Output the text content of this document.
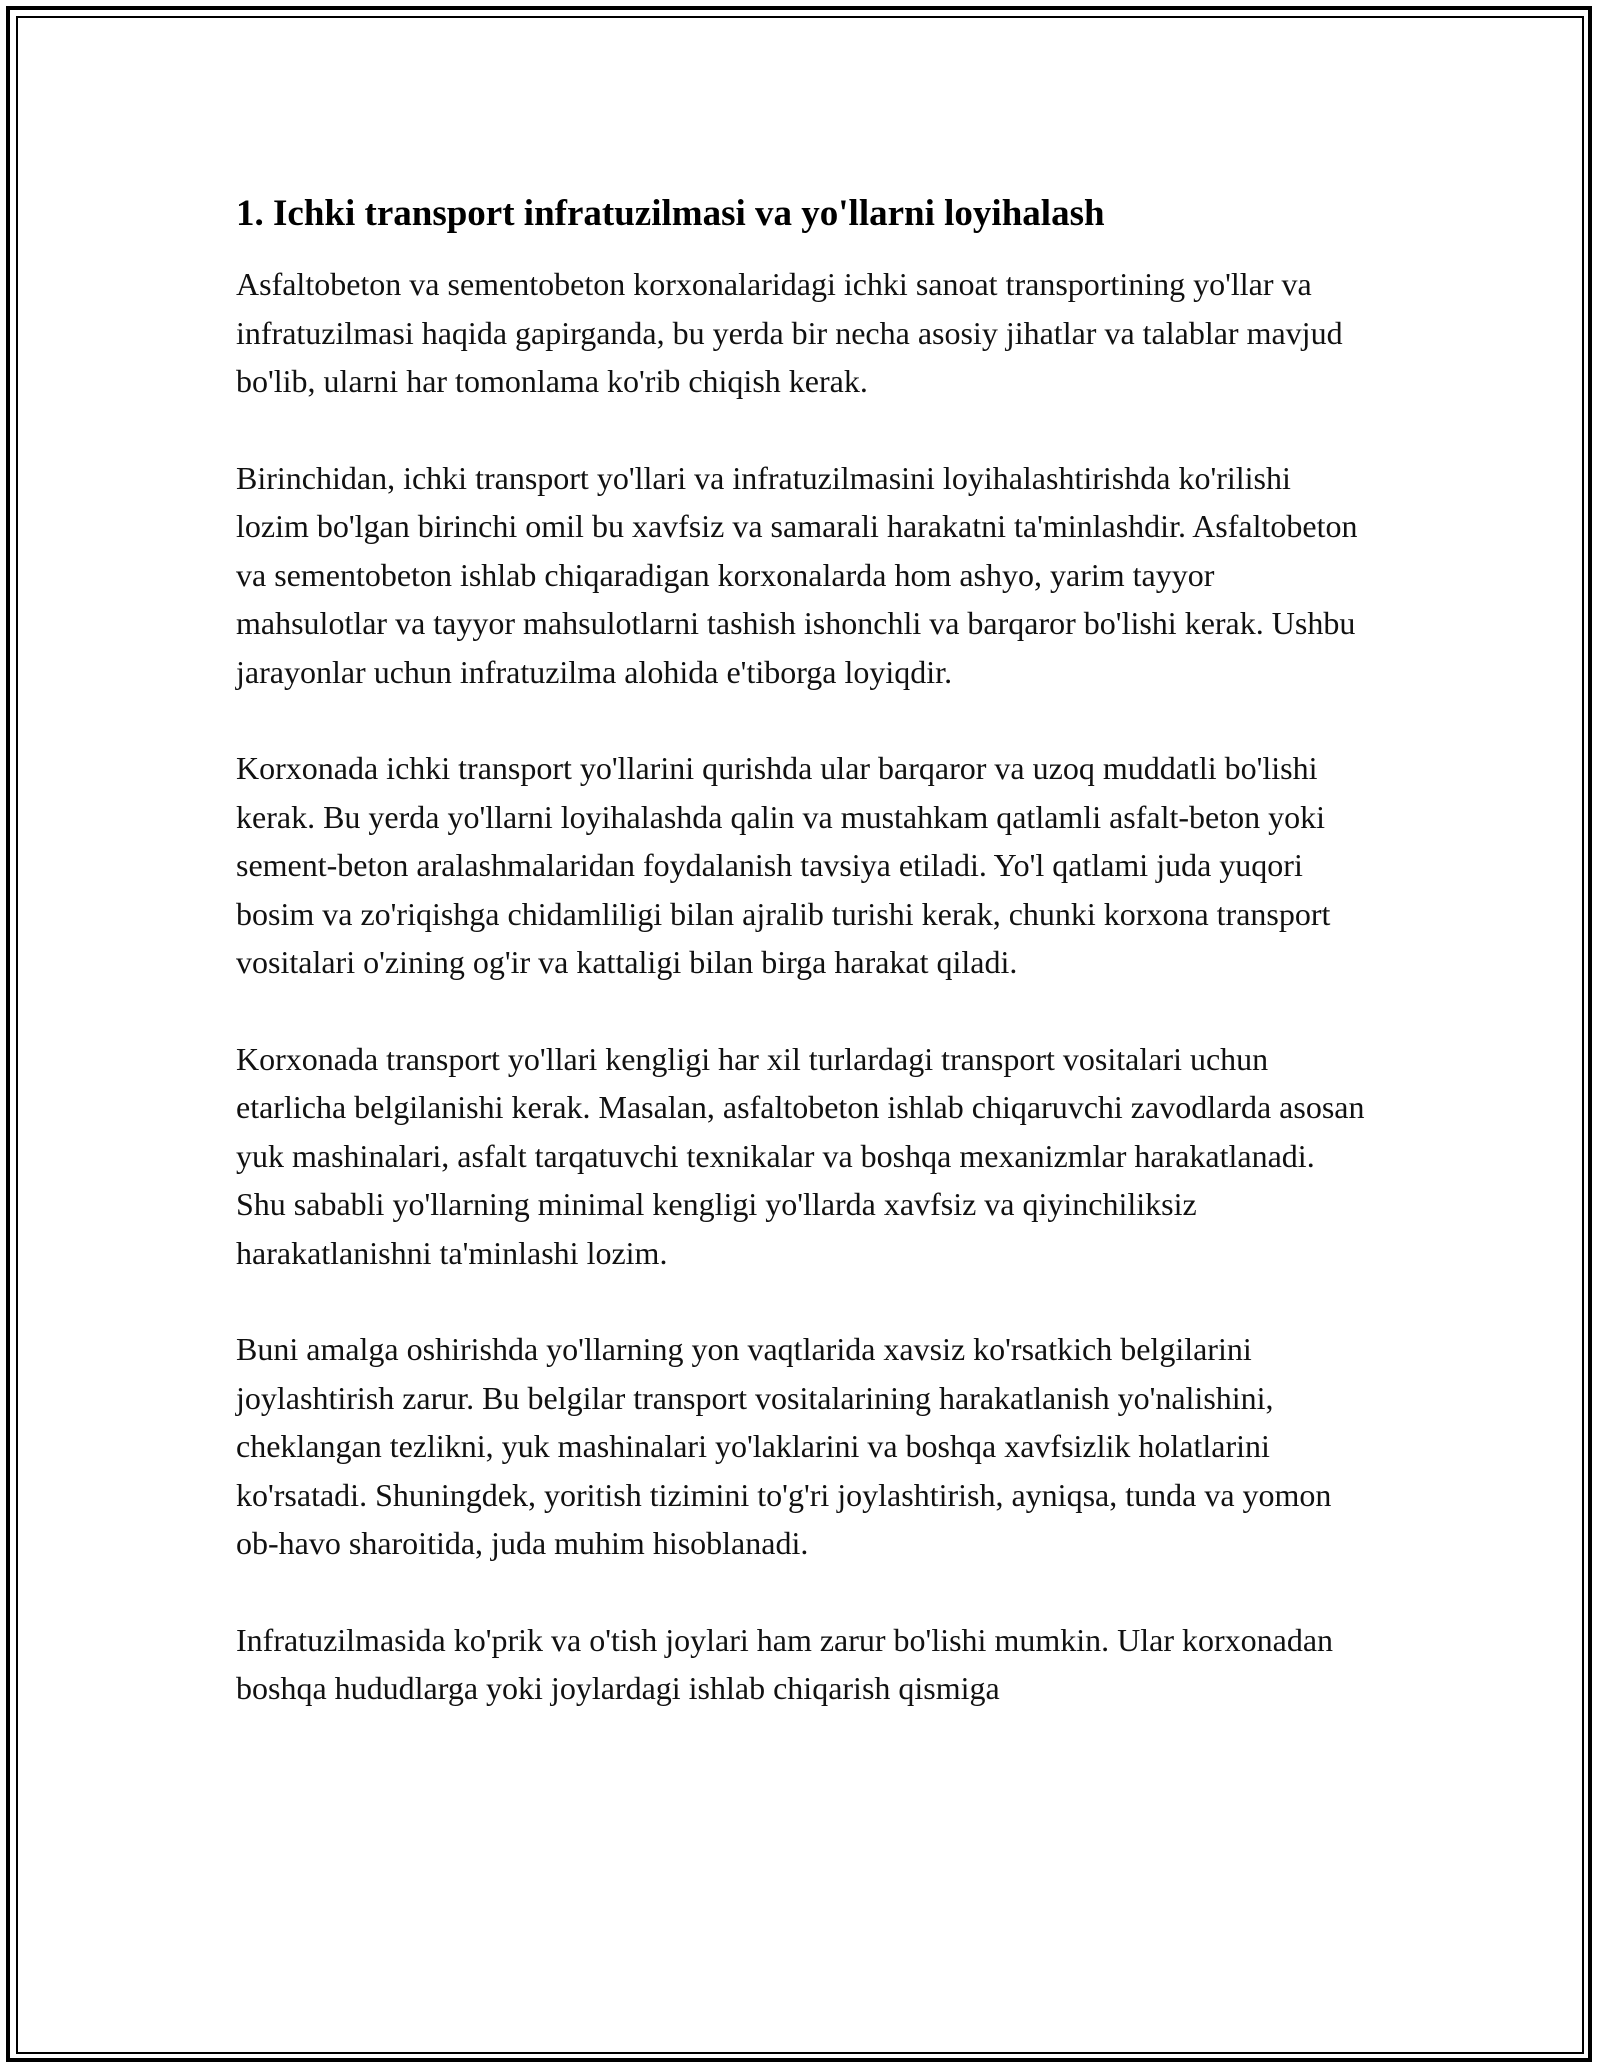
1. Ichki transport infratuzilmasi va yo'llarni loyihalash

Asfaltobeton va sementobeton korxonalaridagi ichki sanoat transportining yo'llar va infratuzilmasi haqida gapirganda, bu yerda bir necha asosiy jihatlar va talablar mavjud bo'lib, ularni har tomonlama ko'rib chiqish kerak.

Birinchidan, ichki transport yo'llari va infratuzilmasini loyihalashtirishda ko'rilishi lozim bo'lgan birinchi omil bu xavfsiz va samarali harakatni ta'minlashdir. Asfaltobeton va sementobeton ishlab chiqaradigan korxonalarda hom ashyo, yarim tayyor mahsulotlar va tayyor mahsulotlarni tashish ishonchli va barqaror bo'lishi kerak. Ushbu jarayonlar uchun infratuzilma alohida e'tiborga loyiqdir.

Korxonada ichki transport yo'llarini qurishda ular barqaror va uzoq muddatli bo'lishi kerak. Bu yerda yo'llarni loyihalashda qalin va mustahkam qatlamli asfalt-beton yoki sement-beton aralashmalaridan foydalanish tavsiya etiladi. Yo'l qatlami juda yuqori bosim va zo'riqishga chidamliligi bilan ajralib turishi kerak, chunki korxona transport vositalari o'zining og'ir va kattaligi bilan birga harakat qiladi.

Korxonada transport yo'llari kengligi har xil turlardagi transport vositalari uchun etarlicha belgilanishi kerak. Masalan, asfaltobeton ishlab chiqaruvchi zavodlarda asosan yuk mashinalari, asfalt tarqatuvchi texnikalar va boshqa mexanizmlar harakatlanadi. Shu sababli yo'llarning minimal kengligi yo'llarda xavfsiz va qiyinchiliksiz harakatlanishni ta'minlashi lozim.

Buni amalga oshirishda yo'llarning yon vaqtlarida xavsiz ko'rsatkich belgilarini joylashtirish zarur. Bu belgilar transport vositalarining harakatlanish yo'nalishini, cheklangan tezlikni, yuk mashinalari yo'laklarini va boshqa xavfsizlik holatlarini ko'rsatadi. Shuningdek, yoritish tizimini to'g'ri joylashtirish, ayniqsa, tunda va yomon ob-havo sharoitida, juda muhim hisoblanadi.

Infratuzilmasida ko'prik va o'tish joylari ham zarur bo'lishi mumkin. Ular korxonadan boshqa hududlarga yoki joylardagi ishlab chiqarish qismiga
